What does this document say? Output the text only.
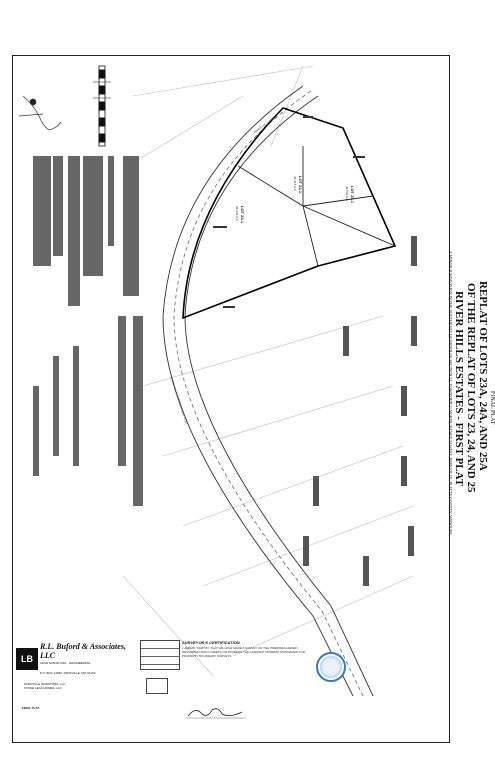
LOT 23-1
46,364 S.F.
LOT 24-1
42,417 S.F.
LOT 25-1
43,519 S.F.
RIVER HILLS ESTATES FIRST PLAT
RIVER HILLS DRIVE
FINAL PLAT
REPLAT OF LOTS 23A, 24A, AND 25A
OF THE REPLAT OF LOTS 23, 24, AND 25
RIVER HILLS ESTATES - FIRST PLAT
A MINOR SUBDIVISION IN THE SOUTHEAST QUARTER OF SECTION 31, TOWNSHIP 52 NORTH, RANGE 34 WEST, PARKVILLE, PLATTE COUNTY, MISSOURI
LB
R.L. Buford & Associates, LLC
LAND SURVEYING · ENGINEERING
P.O. BOX 14665, PARKVILLE, MO 64152
PARKVILLE INVESTORS, LLC
STONE LEAF HOMES, LLC
FINAL PLAT
SURVEYOR'S CERTIFICATION
I HEREBY CERTIFY THAT WE HAVE MADE A SURVEY OF THE PREMISES HEREIN DESCRIBED WHICH MEETS OR EXCEEDS THE CURRENT MINIMUM STANDARDS FOR PROPERTY BOUNDARY SURVEYS
